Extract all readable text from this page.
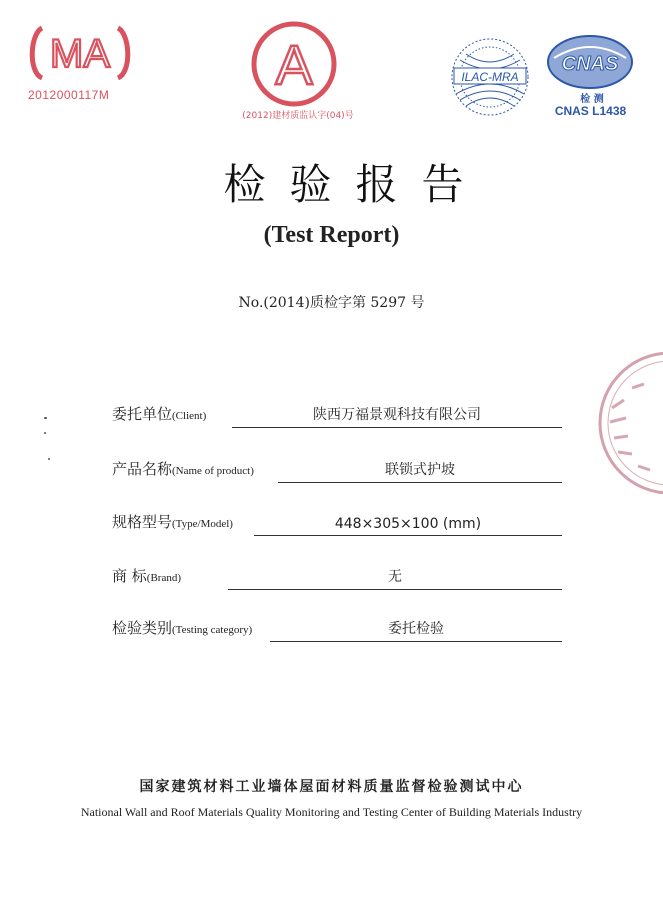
MA
2012000117M	A
(2012)建材质监认字(04)号
ILAC-MRA
CNAS
检 测
CNAS L1438
检验报告
(Test Report)
No.(2014)质检字第 5297 号
委托单位(Client)	陕西万福景观科技有限公司
产品名称(Name of product)	联锁式护坡
规格型号(Type/Model)	448×305×100 (mm)
商 标(Brand)	无
检验类别(Testing category)	委托检验
国家建筑材料工业墙体屋面材料质量监督检验测试中心
National Wall and Roof Materials Quality Monitoring and Testing Center of Building Materials Industry
